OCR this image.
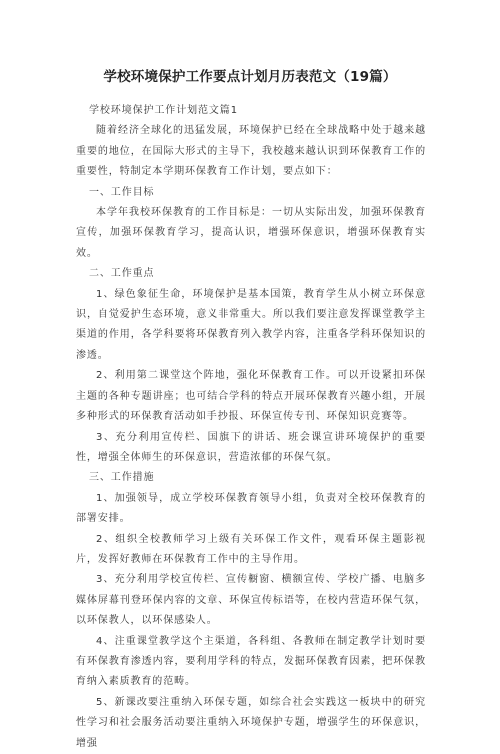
学校环境保护工作要点计划月历表范文（19篇）

学校环境保护工作计划范文篇1

随着经济全球化的迅猛发展，环境保护已经在全球战略中处于越来越重要的地位，在国际大形式的主导下，我校越来越认识到环保教育工作的重要性，特制定本学期环保教育工作计划，要点如下：

一、工作目标

本学年我校环保教育的工作目标是：一切从实际出发，加强环保教育宣传，加强环保教育学习，提高认识，增强环保意识，增强环保教育实效。

二、工作重点

1、绿色象征生命，环境保护是基本国策，教育学生从小树立环保意识，自觉爱护生态环境，意义非常重大。所以我们要注意发挥课堂教学主渠道的作用，各学科要将环保教育列入教学内容，注重各学科环保知识的渗透。

2、利用第二课堂这个阵地，强化环保教育工作。可以开设紧扣环保主题的各种专题讲座；也可结合学科的特点开展环保教育兴趣小组，开展多种形式的环保教育活动如手抄报、环保宣传专刊、环保知识竞赛等。

3、充分利用宣传栏、国旗下的讲话、班会课宣讲环境保护的重要性，增强全体师生的环保意识，营造浓郁的环保气氛。

三、工作措施

1、加强领导，成立学校环保教育领导小组，负责对全校环保教育的部署安排。

2、组织全校教师学习上级有关环保工作文件，观看环保主题影视片，发挥好教师在环保教育工作中的主导作用。

3、充分利用学校宣传栏、宣传橱窗、横额宣传、学校广播、电脑多媒体屏幕刊登环保内容的文章、环保宣传标语等，在校内营造环保气氛，以环保教人，以环保感染人。

4、注重课堂教学这个主渠道，各科组、各教师在制定教学计划时要有环保教育渗透内容，要利用学科的特点，发掘环保教育因素，把环保教育纳入素质教育的范畴。

5、新课改要注重纳入环保专题，如综合社会实践这一板块中的研究性学习和社会服务活动要注重纳入环境保护专题，增强学生的环保意识，增强
